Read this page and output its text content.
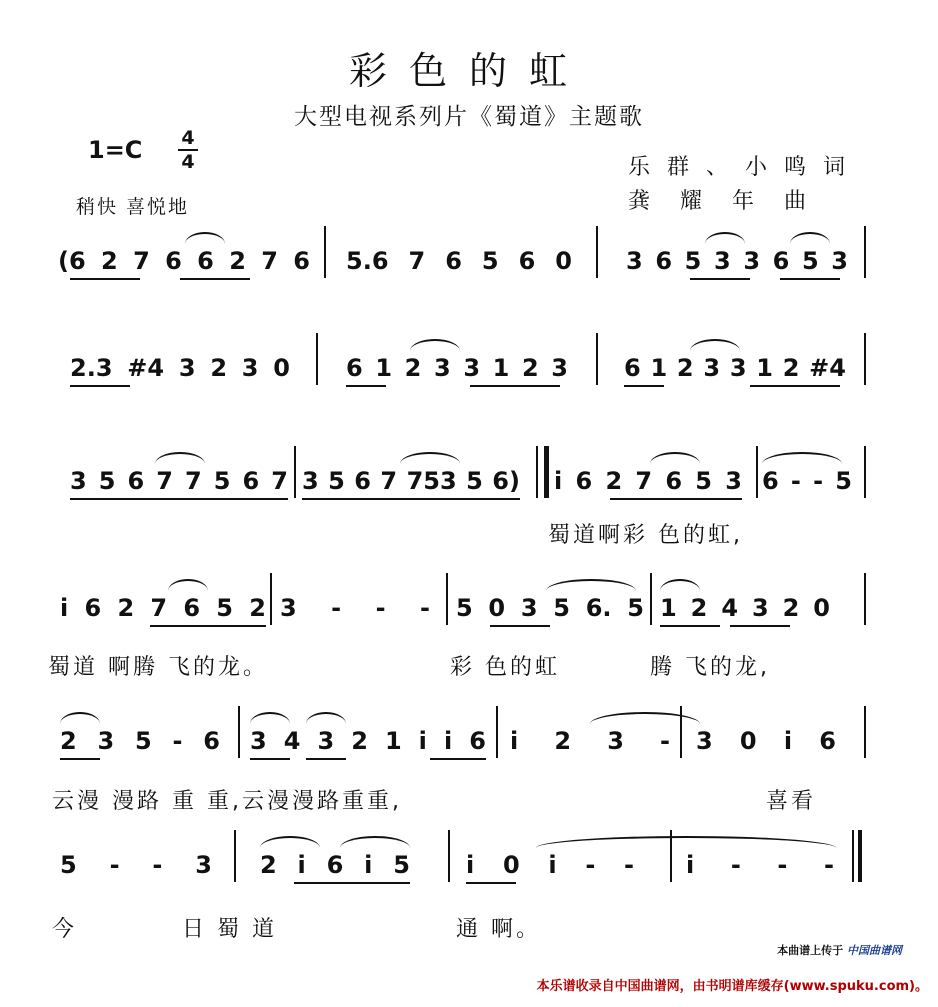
彩色的虹
大型电视系列片《蜀道》主题歌
1=C 4
4
稍快 喜悦地
乐群、小鸣词
龚耀年曲
(6 2 7 6 6 2 7 6 5.6 7 6 5 6 0 3 6 5 3 3 6 5 3
2.3 #4 3 2 3 0 6 1 2 3 3 1 2 3 6 1 2 3 3 1 2 #4
3 5 6 7 7 5 6 7 3 5 6 7 753 5 6) i 6 2 7 6 5 3 6 - - 5
蜀道啊彩 色的虹,
i 6 2 7 6 5 2 3 - - - 5 0 3 5 6. 5 1 2 4 3 2 0
蜀道 啊腾 飞的龙。	彩 色的虹	腾 飞的龙,
2 3 5 - 6 3 4 3 2 1 i i 6 i 2 3 - 3 0 i 6
云漫 漫路 重 重,云漫漫路重重,	喜看
5 - - 3 2 i 6 i 5 i 0 i - - i - - -
今	日 蜀 道	通 啊。
本曲谱上传于 中国曲谱网
本乐谱收录自中国曲谱网，由书明谱库缓存(www.spuku.com)。
